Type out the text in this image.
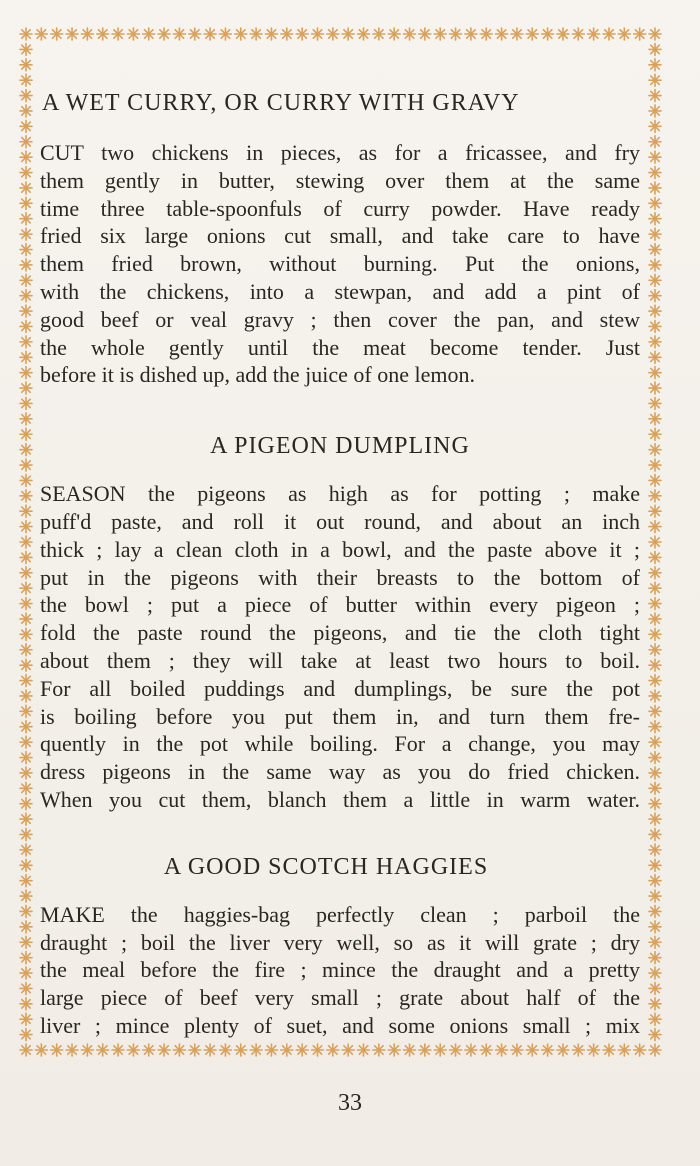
A WET CURRY, OR CURRY WITH GRAVY

CUT two chickens in pieces, as for a fricassee, and fry
them gently in butter, stewing over them at the same
time three table-spoonfuls of curry powder. Have ready
fried six large onions cut small, and take care to have
them fried brown, without burning. Put the onions,
with the chickens, into a stewpan, and add a pint of
good beef or veal gravy ; then cover the pan, and stew
the whole gently until the meat become tender. Just
before it is dished up, add the juice of one lemon.

A PIGEON DUMPLING

SEASON the pigeons as high as for potting ; make
puff'd paste, and roll it out round, and about an inch
thick ; lay a clean cloth in a bowl, and the paste above it ;
put in the pigeons with their breasts to the bottom of
the bowl ; put a piece of butter within every pigeon ;
fold the paste round the pigeons, and tie the cloth tight
about them ; they will take at least two hours to boil.
For all boiled puddings and dumplings, be sure the pot
is boiling before you put them in, and turn them fre-
quently in the pot while boiling. For a change, you may
dress pigeons in the same way as you do fried chicken.
When you cut them, blanch them a little in warm water.

A GOOD SCOTCH HAGGIES

MAKE the haggies-bag perfectly clean ; parboil the
draught ; boil the liver very well, so as it will grate ; dry
the meal before the fire ; mince the draught and a pretty
large piece of beef very small ; grate about half of the
liver ; mince plenty of suet, and some onions small ; mix

33
